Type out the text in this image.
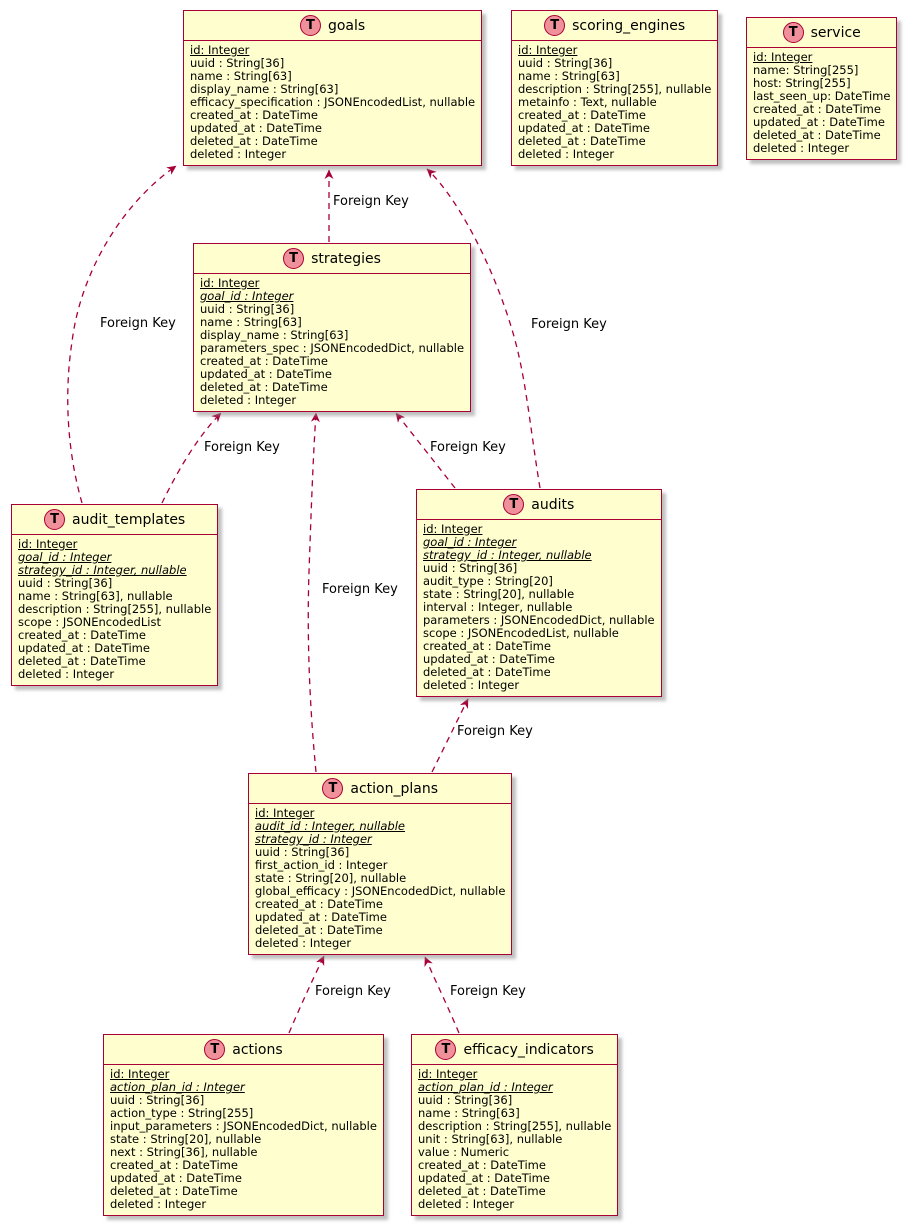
T goals
id: Integer
uuid : String[36]
name : String[63]
display_name : String[63]
efficacy_specification : JSONEncodedList, nullable
created_at : DateTime
updated_at : DateTime
deleted_at : DateTime
deleted : Integer
T scoring_engines
id: Integer
uuid : String[36]
name : String[63]
description : String[255], nullable
metainfo : Text, nullable
created_at : DateTime
updated_at : DateTime
deleted_at : DateTime
deleted : Integer
T service
id: Integer
name: String[255]
host: String[255]
last_seen_up: DateTime
created_at : DateTime
updated_at : DateTime
deleted_at : DateTime
deleted : Integer
T strategies
id: Integer
goal_id : Integer
uuid : String[36]
name : String[63]
display_name : String[63]
parameters_spec : JSONEncodedDict, nullable
created_at : DateTime
updated_at : DateTime
deleted_at : DateTime
deleted : Integer
T audit_templates
id: Integer
goal_id : Integer
strategy_id : Integer, nullable
uuid : String[36]
name : String[63], nullable
description : String[255], nullable
scope : JSONEncodedList
created_at : DateTime
updated_at : DateTime
deleted_at : DateTime
deleted : Integer
T audits
id: Integer
goal_id : Integer
strategy_id : Integer, nullable
uuid : String[36]
audit_type : String[20]
state : String[20], nullable
interval : Integer, nullable
parameters : JSONEncodedDict, nullable
scope : JSONEncodedList, nullable
created_at : DateTime
updated_at : DateTime
deleted_at : DateTime
deleted : Integer
T action_plans
id: Integer
audit_id : Integer, nullable
strategy_id : Integer
uuid : String[36]
first_action_id : Integer
state : String[20], nullable
global_efficacy : JSONEncodedDict, nullable
created_at : DateTime
updated_at : DateTime
deleted_at : DateTime
deleted : Integer
T actions
id: Integer
action_plan_id : Integer
uuid : String[36]
action_type : String[255]
input_parameters : JSONEncodedDict, nullable
state : String[20], nullable
next : String[36], nullable
created_at : DateTime
updated_at : DateTime
deleted_at : DateTime
deleted : Integer
T efficacy_indicators
id: Integer
action_plan_id : Integer
uuid : String[36]
name : String[63]
description : String[255], nullable
unit : String[63], nullable
value : Numeric
created_at : DateTime
updated_at : DateTime
deleted_at : DateTime
deleted : Integer
Foreign Key
Foreign Key	Foreign Key
Foreign Key	Foreign Key
Foreign Key
Foreign Key
Foreign Key	Foreign Key
